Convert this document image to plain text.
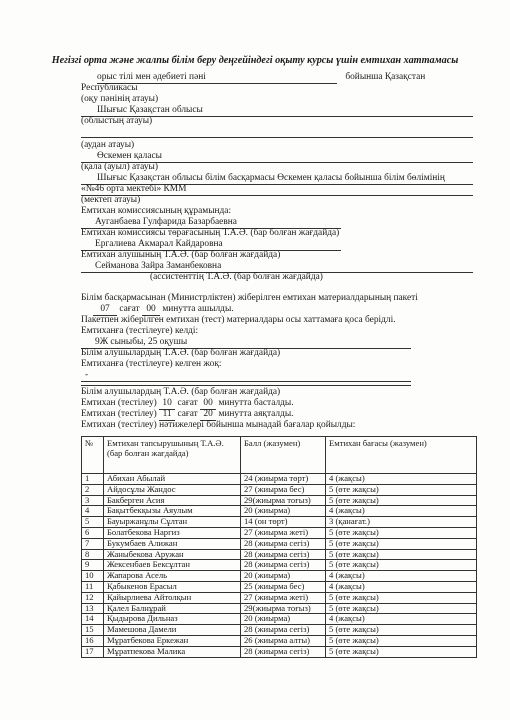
Негізгі орта және жалпы білім беру деңгейіндегі оқыту курсы үшін емтихан хаттамасы
орыс тілі мен әдебиеті пәні	бойынша Қазақстан
Республикасы
(оқу пәнінің атауы)
Шығыс Қазақстан облысы
(облыстың атауы)
(аудан атауы)
Өскемен қаласы
(қала (ауыл) атауы)
Шығыс Қазақстан облысы білім басқармасы Өскемен қаласы бойынша білім бөлімінің
«№46 орта мектебі» КММ
(мектеп атауы)
Емтихан комиссиясының құрамында:
Ауганбаева Гулфарида Базарбаевна
Емтихан комиссиясы төрағасының Т.А.Ә. (бар болған жағдайда)
Ергалиева Акмарал Кайдаровна
Емтихан алушының Т.А.Ә. (бар болған жағдайда)
Сейманова Зайра Заманбековна
(ассистенттің Т.А.Ә. (бар болған жағдайда)
Білім басқармасынан (Министрліктен) жіберілген емтихан материалдарының пакеті
07 сағат 00 минутта ашылды.
Пакетпен жіберілген емтихан (тест) материалдары осы хаттамаға қоса берідлі.
Емтиханға (тестілеуге) келді:
9Ж сыныбы, 25 оқушы
Білім алушылардың Т.А.Ә. (бар болған жағдайда)
Емтиханға (тестілеуге) келген жоқ:
-
Білім алушылардың Т.А.Ә. (бар болған жағдайда)
Емтихан (тестілеу) 10 сағат 00 минутта басталды.
Емтихан (тестілеу) 11 сағат 20 минутта аяқталды.
Емтихан (тестілеу) нәтижелері бойынша мынадай бағалар қойылды:
№	Емтихан тапсырушының Т.А.Ә. (бар болған жағдайда)	Балл (жазумен)	Емтихан бағасы (жазумен)
1	Абихан Абылай	24 (жиырма төрт)	4 (жақсы)
2	Айдосұлы Жандос	27 (жиырма бес)	5 (өте жақсы)
3	Бакберген Асия	29(жиырма тоғыз)	5 (өте жақсы)
4	Бақытбекқызы Аяулым	20 (жиырма)	4 (жақсы)
5	Бауыржанұлы Сұлтан	14 (он төрт)	3 (қанағат.)
6	Болатбекова Наргиз	27 (жиырма жеті)	5 (өте жақсы)
7	Букумбаев Алижан	28 (жиырма сегіз)	5 (өте жақсы)
8	Жаныбекова Аружан	28 (жиырма сегіз)	5 (өте жақсы)
9	Жексенбаев Бексұлтан	28 (жиырма сегіз)	5 (өте жақсы)
10	Жапарова Асель	20 (жиырма)	4 (жақсы)
11	Қабыкенов Ерасыл	25 (жиырма бес)	4 (жақсы)
12	Қайырлиева Айтолқын	27 (жиырма жеті)	5 (өте жақсы)
13	Қалел Балнұрай	29(жиырма тоғыз)	5 (өте жақсы)
14	Қыдырова Дильназ	20 (жиырма)	4 (жақсы)
15	Мамешова Дамели	28 (жиырма сегіз)	5 (өте жақсы)
16	Мұратбекова Еркежан	26 (жиырма алты)	5 (өте жақсы)
17	Мұратпекова Малика	28 (жиырма сегіз)	5 (өте жақсы)
